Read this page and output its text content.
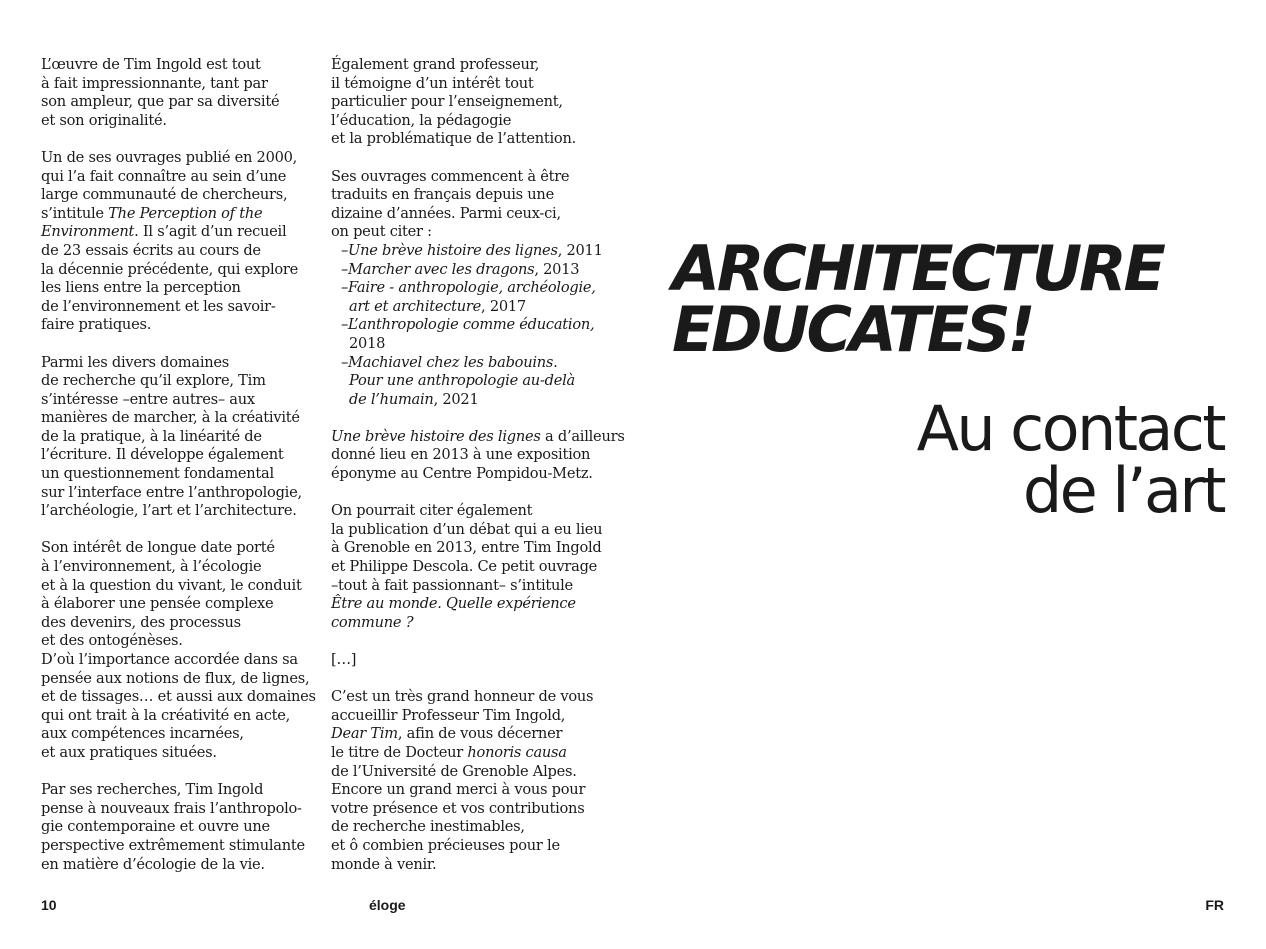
L’œuvre de Tim Ingold est tout
à fait impressionnante, tant par
son ampleur, que par sa diversité
et son originalité.

Un de ses ouvrages publié en 2000,
qui l’a fait connaître au sein d’une
large communauté de chercheurs,
s’intitule The Perception of the
Environment. Il s’agit d’un recueil
de 23 essais écrits au cours de
la décennie précédente, qui explore
les liens entre la perception
de l’environnement et les savoir-
faire pratiques.

Parmi les divers domaines
de recherche qu’il explore, Tim
s’intéresse –entre autres– aux
manières de marcher, à la créativité
de la pratique, à la linéarité de
l’écriture. Il développe également
un questionnement fondamental
sur l’interface entre l’anthropologie,
l’archéologie, l’art et l’architecture.

Son intérêt de longue date porté
à l’environnement, à l’écologie
et à la question du vivant, le conduit
à élaborer une pensée complexe
des devenirs, des processus
et des ontogénèses.
D’où l’importance accordée dans sa
pensée aux notions de flux, de lignes,
et de tissages… et aussi aux domaines
qui ont trait à la créativité en acte,
aux compétences incarnées,
et aux pratiques situées.

Par ses recherches, Tim Ingold
pense à nouveaux frais l’anthropolo-
gie contemporaine et ouvre une
perspective extrêmement stimulante
en matière d’écologie de la vie.

Également grand professeur,
il témoigne d’un intérêt tout
particulier pour l’enseignement,
l’éducation, la pédagogie
et la problématique de l’attention.

Ses ouvrages commencent à être
traduits en français depuis une
dizaine d’années. Parmi ceux-ci,
on peut citer :

–Une brève histoire des lignes, 2011
–Marcher avec les dragons, 2013
–Faire - anthropologie, archéologie,
art et architecture, 2017
–L’anthropologie comme éducation,
2018
–Machiavel chez les babouins.
Pour une anthropologie au-delà
de l’humain, 2021

Une brève histoire des lignes a d’ailleurs
donné lieu en 2013 à une exposition
éponyme au Centre Pompidou-Metz.

On pourrait citer également
la publication d’un débat qui a eu lieu
à Grenoble en 2013, entre Tim Ingold
et Philippe Descola. Ce petit ouvrage
–tout à fait passionnant– s’intitule
Être au monde. Quelle expérience
commune ?

[…]

C’est un très grand honneur de vous
accueillir Professeur Tim Ingold,
Dear Tim, afin de vous décerner
le titre de Docteur honoris causa
de l’Université de Grenoble Alpes.
Encore un grand merci à vous pour
votre présence et vos contributions
de recherche inestimables,
et ô combien précieuses pour le
monde à venir.

ARCHITECTURE
EDUCATES!
Au contact
de l’art
10	éloge	FR
